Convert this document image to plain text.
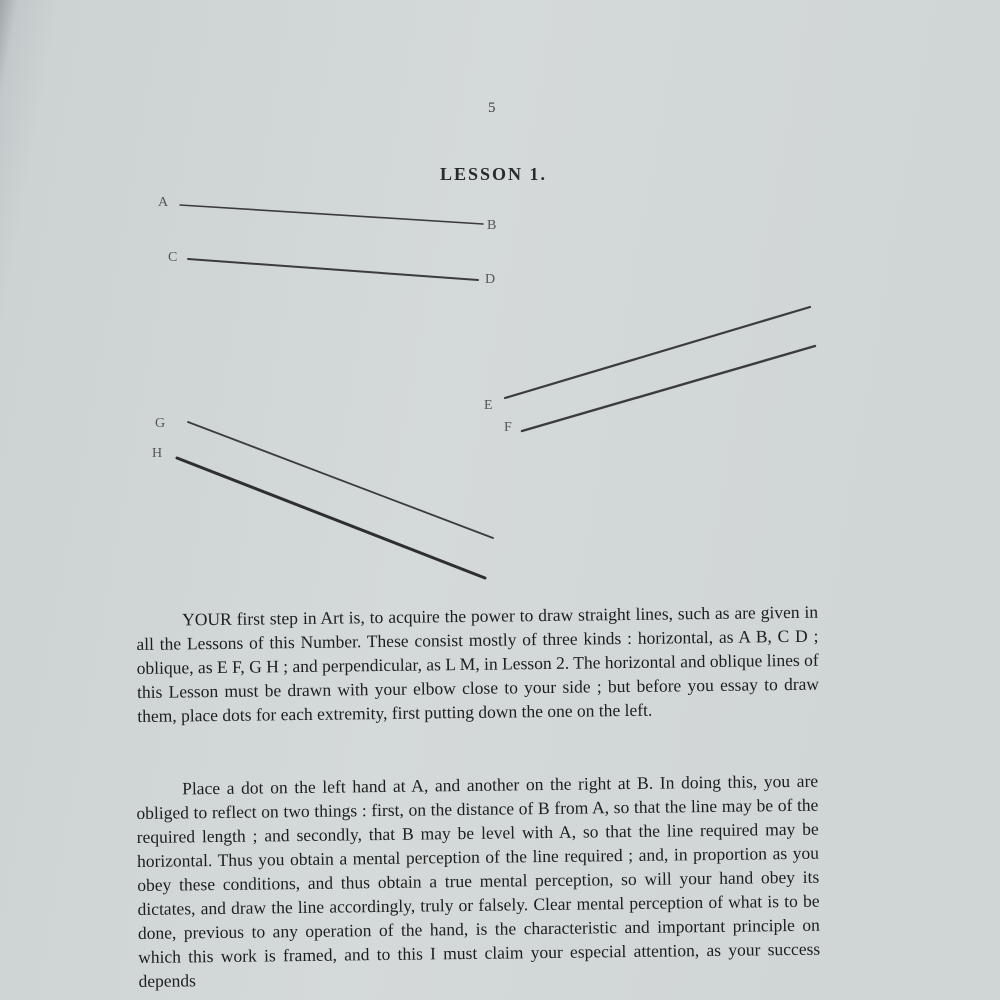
5
LESSON 1.
A
B
C
D
E
F
G
H

YOUR first step in Art is, to acquire the power to draw straight lines, such as are given in all the Lessons of this Number. These consist mostly of three kinds : horizontal, as A B, C D ; oblique, as E F, G H ; and perpendicular, as L M, in Lesson 2. The horizontal and oblique lines of this Lesson must be drawn with your elbow close to your side ; but before you essay to draw them, place dots for each extremity, first putting down the one on the left.

Place a dot on the left hand at A, and another on the right at B. In doing this, you are obliged to reflect on two things : first, on the distance of B from A, so that the line may be of the required length ; and secondly, that B may be level with A, so that the line required may be horizontal. Thus you obtain a mental perception of the line required ; and, in proportion as you obey these conditions, and thus obtain a true mental perception, so will your hand obey its dictates, and draw the line accordingly, truly or falsely. Clear mental perception of what is to be done, previous to any operation of the hand, is the characteristic and important principle on which this work is framed, and to this I must claim your especial attention, as your success depends
